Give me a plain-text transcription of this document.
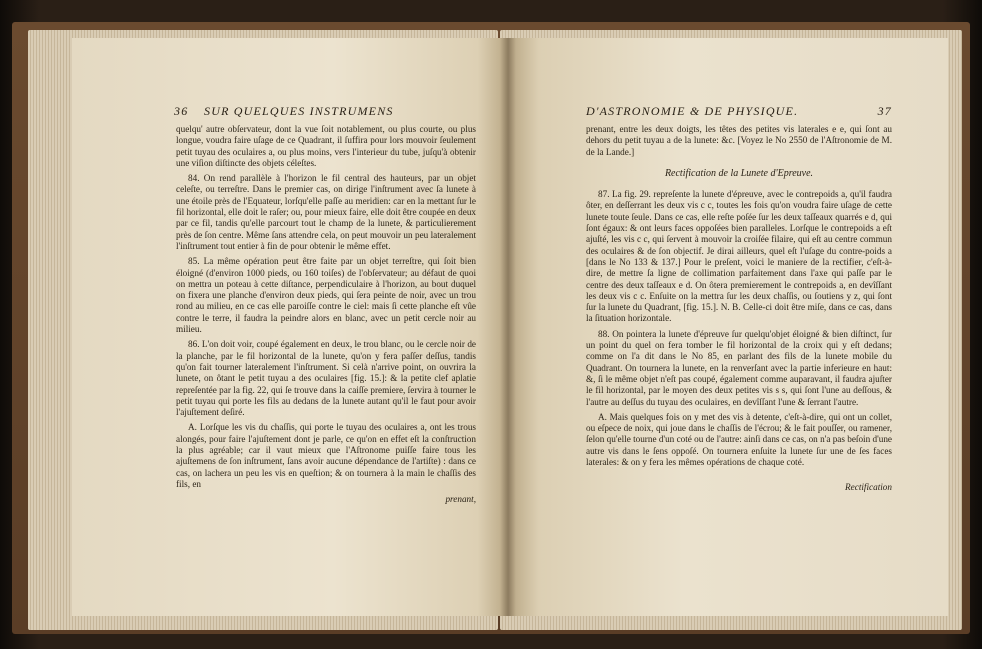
36 SUR QUELQUES INSTRUMENS

quelqu' autre obſervateur, dont la vue ſoit notablement, ou plus courte, ou plus longue, voudra faire uſage de ce Quadrant, il ſuffira pour lors mouvoir ſeulement petit tuyau des oculaires a, ou plus moins, vers l'interieur du tube, juſqu'à obtenir une viſion diſtincte des objets céleſtes.

84. On rend parallèle à l'horizon le fil central des hauteurs, par un objet celeſte, ou terreſtre. Dans le premier cas, on dirige l'inſtrument avec ſa lunete à une étoile près de l'Equateur, lorſqu'elle paſſe au meridien: car en la mettant ſur le fil horizontal, elle doit le raſer; ou, pour mieux faire, elle doit être coupée en deux par ce fil, tandis qu'elle parcourt tout le champ de la lunete, & particulierement près de ſon centre. Même ſans attendre cela, on peut mouvoir un peu lateralement l'inſtrument tout entier à fin de pour obtenir le même effet.

85. La même opération peut être faite par un objet terreſtre, qui ſoit bien éloigné (d'environ 1000 pieds, ou 160 toiſes) de l'obſervateur; au défaut de quoi on mettra un poteau à cette diſtance, perpendiculaire à l'horizon, au bout duquel on fixera une planche d'environ deux pieds, qui ſera peinte de noir, avec un trou rond au milieu, en ce cas elle paroiſſe contre le ciel: mais ſi cette planche eſt vûe contre le terre, il faudra la peindre alors en blanc, avec un petit cercle noir au milieu.

86. L'on doit voir, coupé également en deux, le trou blanc, ou le cercle noir de la planche, par le fil horizontal de la lunete, qu'on y fera paſſer deſſus, tandis qu'on fait tourner lateralement l'inſtrument. Si celà n'arrive point, on ouvrira la lunete, on ôtant le petit tuyau a des oculaires [fig. 15.]: & la petite clef aplatie repreſentée par la fig. 22, qui ſe trouve dans la caiſſe premiere, ſervira à tourner le petit tuyau qui porte les fils au dedans de la lunete autant qu'il le faut pour avoir l'ajuſtement deſiré.

A. Lorſque les vis du chaſſis, qui porte le tuyau des oculaires a, ont les trous alongés, pour faire l'ajuſtement dont je parle, ce qu'on en effet eſt la conſtruction la plus agréable; car il vaut mieux que l'Aſtronome puiſſe faire tous les ajuſtemens de ſon inſtrument, ſans avoir aucune dépendance de l'artiſte) : dans ce cas, on lachera un peu les vis en queſtion; & on tournera à la main le chaſſis des fils, en

prenant,

D'ASTRONOMIE & DE PHYSIQUE.	37

prenant, entre les deux doigts, les têtes des petites vis laterales e e, qui ſont au dehors du petit tuyau a de la lunete: &c. [Voyez le No 2550 de l'Aſtronomie de M. de la Lande.]

Rectification de la Lunete d'Epreuve.

87. La fig. 29. repreſente la lunete d'épreuve, avec le contrepoids a, qu'il faudra ôter, en deſſerrant les deux vis c c, toutes les fois qu'on voudra faire uſage de cette lunete toute ſeule. Dans ce cas, elle reſte poſée ſur les deux taſſeaux quarrés e d, qui ſont égaux: & ont leurs faces oppoſées bien paralleles. Lorſque le contrepoids a eſt ajuſté, les vis c c, qui ſervent à mouvoir la croiſée filaire, qui eſt au centre commun des oculaires & de ſon objectif. Je dirai ailleurs, quel eſt l'uſage du contre-poids a [dans le No 133 & 137.] Pour le preſent, voici le maniere de la rectifier, c'eſt-à-dire, de mettre ſa ligne de collimation parfaitement dans l'axe qui paſſe par le centre des deux taſſeaux e d. On ôtera premierement le contrepoids a, en devîſſant les deux vis c c. Enſuite on la mettra ſur les deux chaſſis, ou ſoutiens y z, qui ſont ſur la lunete du Quadrant, [fig. 15.]. N. B. Celle-ci doit être miſe, dans ce cas, dans la ſituation horizontale.

88. On pointera la lunete d'épreuve ſur quelqu'objet éloigné & bien diſtinct, ſur un point du quel on fera tomber le fil horizontal de la croix qui y eſt dedans; comme on l'a dit dans le No 85, en parlant des fils de la lunete mobile du Quadrant. On tournera la lunete, en la renverſant avec la partie inferieure en haut: &, ſi le même objet n'eſt pas coupé, également comme auparavant, il faudra ajuſter le fil horizontal, par le moyen des deux petites vis s s, qui ſont l'une au deſſous, & l'autre au deſſus du tuyau des oculaires, en devîſſant l'une & ſerrant l'autre.

A. Mais quelques fois on y met des vis à detente, c'eſt-à-dire, qui ont un collet, ou eſpece de noix, qui joue dans le chaſſis de l'écrou; & le fait pouſſer, ou ramener, ſelon qu'elle tourne d'un coté ou de l'autre: ainſi dans ce cas, on n'a pas beſoin d'une autre vis dans le ſens oppoſé. On tournera enſuite la lunete ſur une de ſes faces laterales: & on y fera les mêmes opérations de chaque coté.

Rectification
